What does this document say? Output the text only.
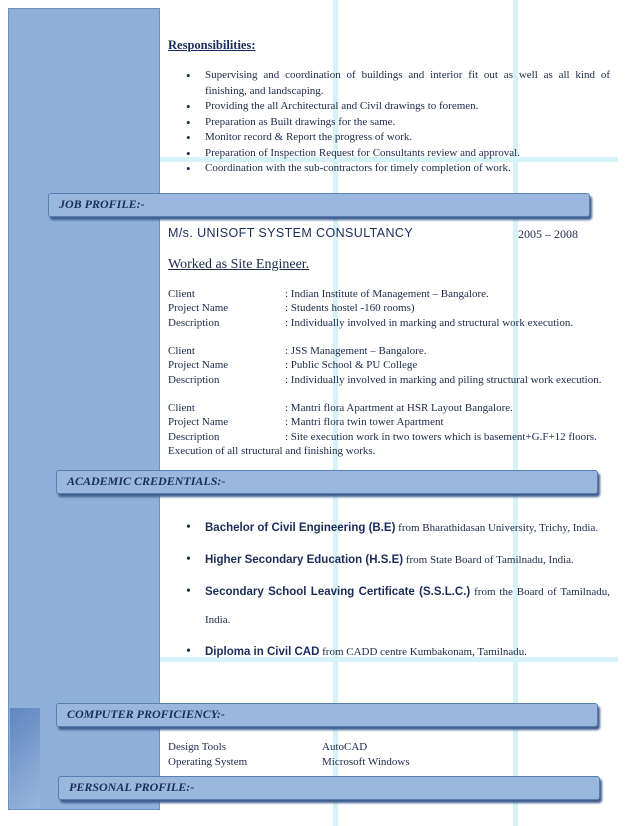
Responsibilities:
• Supervising and coordination of buildings and interior fit out as well as all kind of finishing, and landscaping.
• Providing the all Architectural and Civil drawings to foremen.
• Preparation as Built drawings for the same.
• Monitor record & Report the progress of work.
• Preparation of Inspection Request for Consultants review and approval.
• Coordination with the sub-contractors for timely completion of work.
JOB PROFILE:-
M/s. UNISOFT SYSTEM CONSULTANCY	2005 – 2008
Worked as Site Engineer.
Client	: Indian Institute of Management – Bangalore.
Project Name	: Students hostel -160 rooms)
Description	: Individually involved in marking and structural work execution.
Client	: JSS Management – Bangalore.
Project Name	: Public School & PU College
Description	: Individually involved in marking and piling structural work execution.
Client	: Mantri flora Apartment at HSR Layout Bangalore.
Project Name	: Mantri flora twin tower Apartment
Description	: Site execution work in two towers which is basement+G.F+12 floors.
Execution of all structural and finishing works.
ACADEMIC CREDENTIALS:-
• Bachelor of Civil Engineering (B.E) from Bharathidasan University, Trichy, India.
• Higher Secondary Education (H.S.E) from State Board of Tamilnadu, India.
• Secondary School Leaving Certificate (S.S.L.C.) from the Board of Tamilnadu, India.
• Diploma in Civil CAD from CADD centre Kumbakonam, Tamilnadu.
COMPUTER PROFICIENCY:-
Design Tools	AutoCAD
Operating System	Microsoft Windows
PERSONAL PROFILE:-
